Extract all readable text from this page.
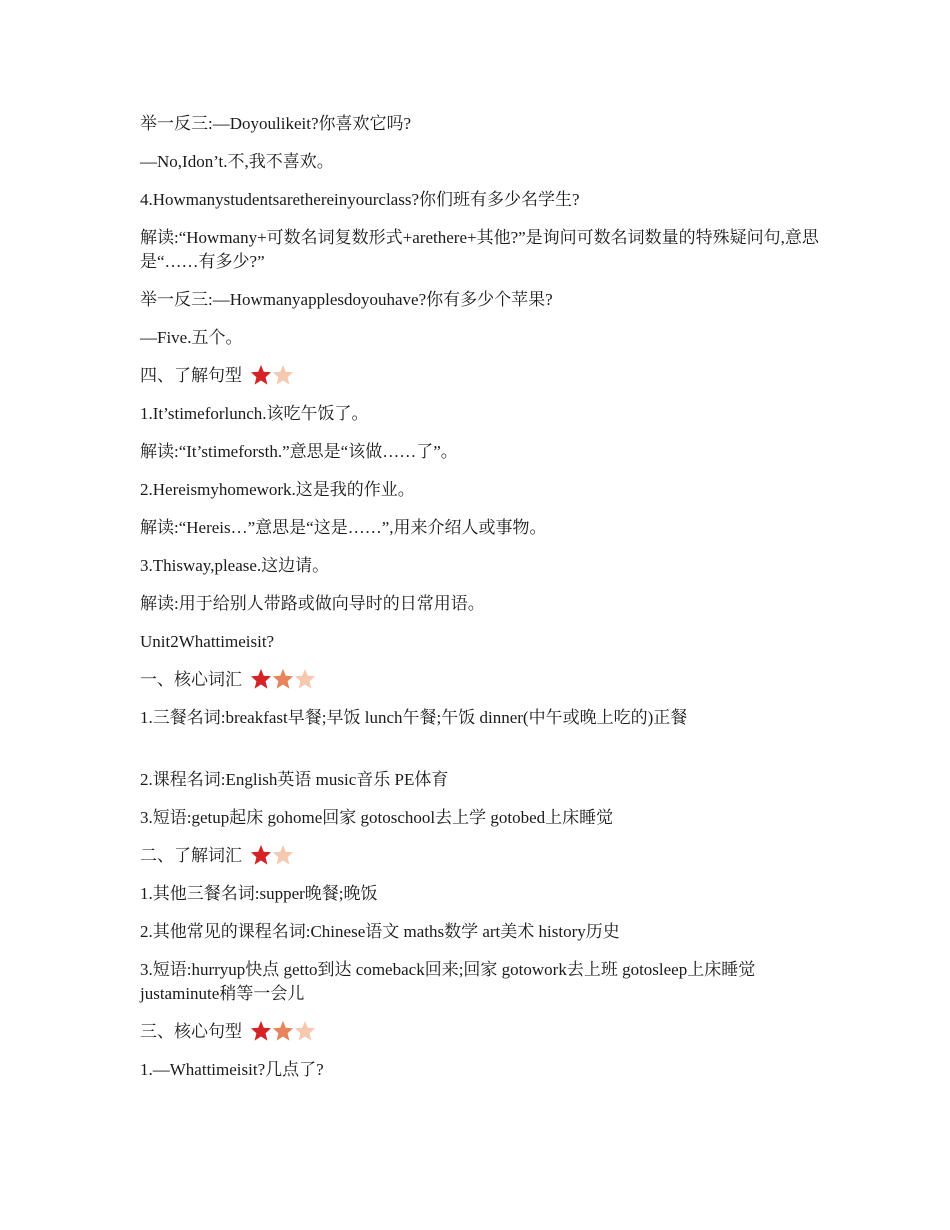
举一反三:—Doyoulikeit?你喜欢它吗?
—No,Idon’t.不,我不喜欢。
4.Howmanystudentsarethereinyourclass?你们班有多少名学生?
解读:“Howmany+可数名词复数形式+arethere+其他?”是询问可数名词数量的特殊疑问句,意思是“……有多少?”
举一反三:—Howmanyapplesdoyouhave?你有多少个苹果?
—Five.五个。
四、了解句型
1.It’stimeforlunch.该吃午饭了。
解读:“It’stimeforsth.”意思是“该做……了”。
2.Hereismyhomework.这是我的作业。
解读:“Hereis…”意思是“这是……”,用来介绍人或事物。
3.Thisway,please.这边请。
解读:用于给别人带路或做向导时的日常用语。
Unit2Whattimeisit?
一、核心词汇
1.三餐名词:breakfast早餐;早饭 lunch午餐;午饭 dinner(中午或晚上吃的)正餐
2.课程名词:English英语 music音乐 PE体育
3.短语:getup起床 gohome回家 gotoschool去上学 gotobed上床睡觉
二、了解词汇
1.其他三餐名词:supper晚餐;晚饭
2.其他常见的课程名词:Chinese语文 maths数学 art美术 history历史
3.短语:hurryup快点 getto到达 comeback回来;回家 gotowork去上班 gotosleep上床睡觉 justaminute稍等一会儿
三、核心句型
1.—Whattimeisit?几点了?
